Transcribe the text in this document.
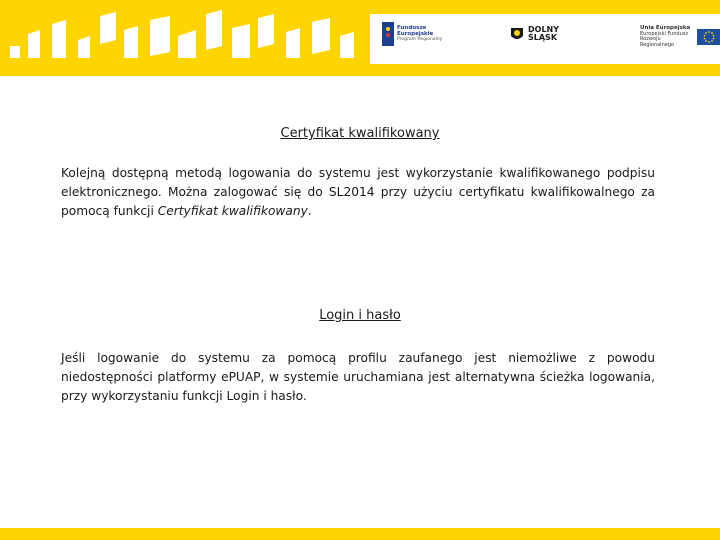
Fundusze
Europejskie
Program Regionalny
DOLNY
ŚLĄSK
Unia Europejska
Europejski Fundusz
Rozwoju Regionalnego
Certyfikat kwalifikowany

Kolejną dostępną metodą logowania do systemu jest wykorzystanie kwalifikowanego podpisu elektronicznego. Można zalogować się do SL2014 przy użyciu certyfikatu kwalifikowalnego za pomocą funkcji Certyfikat kwalifikowany.

Login i hasło

Jeśli logowanie do systemu za pomocą profilu zaufanego jest niemożliwe z powodu niedostępności platformy ePUAP, w systemie uruchamiana jest alternatywna ścieżka logowania, przy wykorzystaniu funkcji Login i hasło.
